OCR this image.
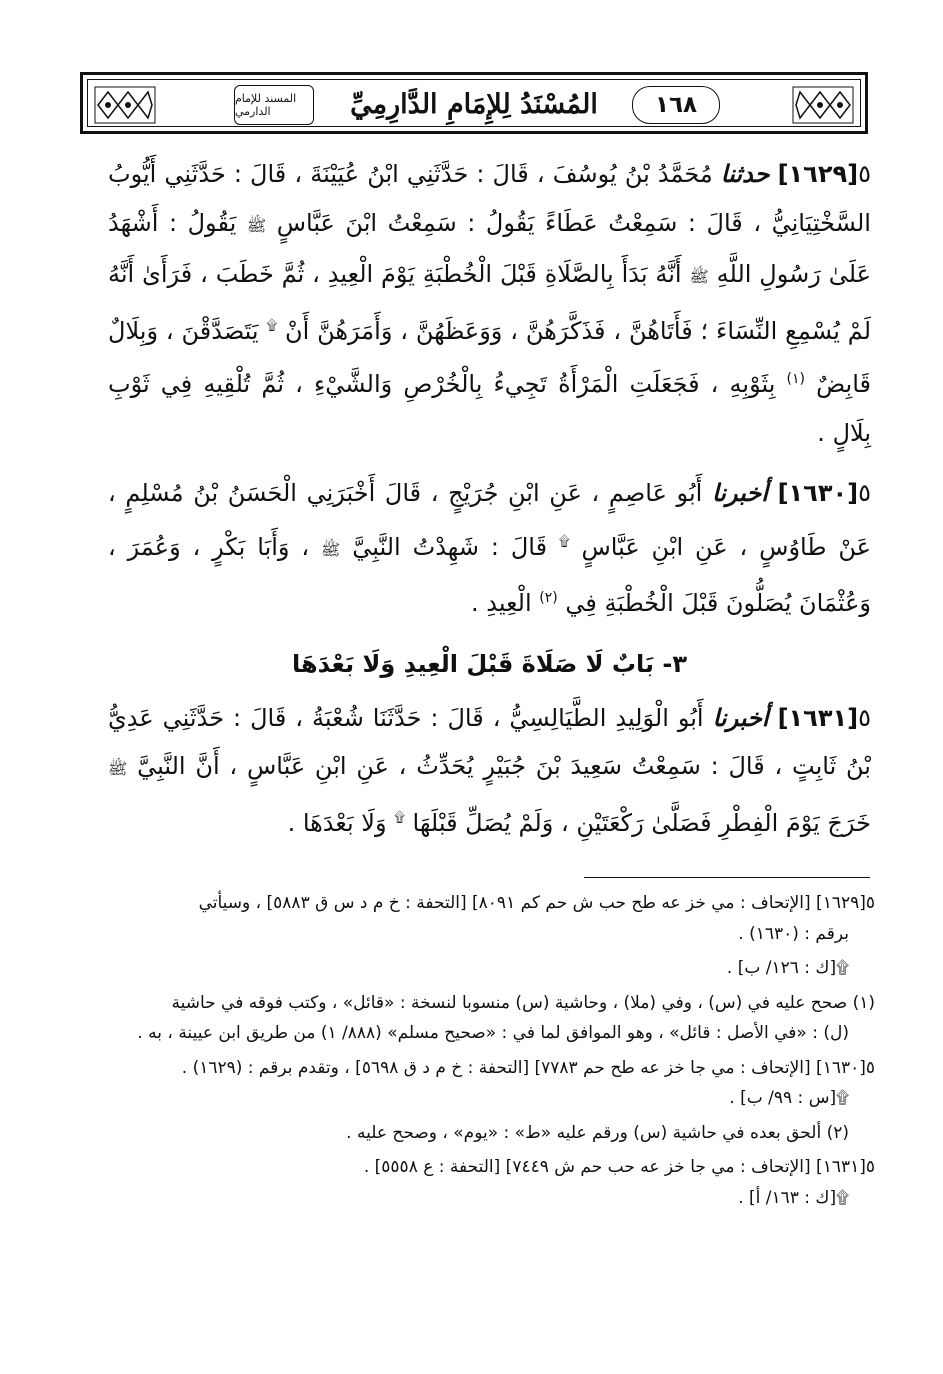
المسند للإمام الدارمي	المُسْنَدُ لِلإِمَامِ الدَّارِمِيِّ	١٦٨

٥[١٦٢٩] حدثنا مُحَمَّدُ بْنُ يُوسُفَ ، قَالَ : حَدَّثَنِي ابْنُ عُيَيْنَةَ ، قَالَ : حَدَّثَنِي أَيُّوبُ السَّخْتِيَانِيُّ ، قَالَ : سَمِعْتُ عَطَاءً يَقُولُ : سَمِعْتُ ابْنَ عَبَّاسٍ ﷺ يَقُولُ : أَشْهَدُ عَلَىٰ رَسُولِ اللَّهِ ﷺ أَنَّهُ بَدَأَ بِالصَّلَاةِ قَبْلَ الْخُطْبَةِ يَوْمَ الْعِيدِ ، ثُمَّ خَطَبَ ، فَرَأَىٰ أَنَّهُ لَمْ يُسْمِعِ النِّسَاءَ ؛ فَأَتَاهُنَّ ، فَذَكَّرَهُنَّ ، وَوَعَظَهُنَّ ، وَأَمَرَهُنَّ أَنْ ۩ يَتَصَدَّقْنَ ، وَبِلَالٌ قَابِضٌ $^{(١)}$ بِثَوْبِهِ ، فَجَعَلَتِ الْمَرْأَةُ تَجِيءُ بِالْخُرْصِ وَالشَّيْءِ ، ثُمَّ تُلْقِيهِ فِي ثَوْبِ بِلَالٍ .

٥[١٦٣٠] أخبرنا أَبُو عَاصِمٍ ، عَنِ ابْنِ جُرَيْجٍ ، قَالَ أَخْبَرَنِي الْحَسَنُ بْنُ مُسْلِمٍ ، عَنْ طَاوُسٍ ، عَنِ ابْنِ عَبَّاسٍ ۩ قَالَ : شَهِدْتُ النَّبِيَّ ﷺ ، وَأَبَا بَكْرٍ ، وَعُمَرَ ، وَعُثْمَانَ يُصَلُّونَ قَبْلَ الْخُطْبَةِ فِي $^{(٢)}$ الْعِيدِ .

٣- بَابٌ لَا صَلَاةَ قَبْلَ الْعِيدِ وَلَا بَعْدَهَا

٥[١٦٣١] أخبرنا أَبُو الْوَلِيدِ الطَّيَالِسِيُّ ، قَالَ : حَدَّثَنَا شُعْبَةُ ، قَالَ : حَدَّثَنِي عَدِيُّ بْنُ ثَابِتٍ ، قَالَ : سَمِعْتُ سَعِيدَ بْنَ جُبَيْرٍ يُحَدِّثُ ، عَنِ ابْنِ عَبَّاسٍ ، أَنَّ النَّبِيَّ ﷺ خَرَجَ يَوْمَ الْفِطْرِ فَصَلَّىٰ رَكْعَتَيْنِ ، وَلَمْ يُصَلِّ قَبْلَهَا ۩ وَلَا بَعْدَهَا .

٥[١٦٢٩] [الإتحاف : مي خز عه طح حب ش حم كم ٨٠٩١] [التحفة : خ م د س ق ٥٨٨٣] ، وسيأتي

برقم : (١٦٣٠) .

۩[ك : ١٢٦/ ب] .

(١) صحح عليه في (س) ، وفي (ملا) ، وحاشية (س) منسوبا لنسخة : «قائل» ، وكتب فوقه في حاشية

(ل) : «في الأصل : قائل» ، وهو الموافق لما في : «صحيح مسلم» (٨٨٨/ ١) من طريق ابن عيينة ، به .

٥[١٦٣٠] [الإتحاف : مي جا خز عه طح حم ٧٧٨٣] [التحفة : خ م د ق ٥٦٩٨] ، وتقدم برقم : (١٦٢٩) .

۩[س : ٩٩/ ب] .

(٢) ألحق بعده في حاشية (س) ورقم عليه «ط» : «يوم» ، وصحح عليه .

٥[١٦٣١] [الإتحاف : مي جا خز عه حب حم ش ٧٤٤٩] [التحفة : ع ٥٥٥٨] .

۩[ك : ١٦٣/ أ] .
